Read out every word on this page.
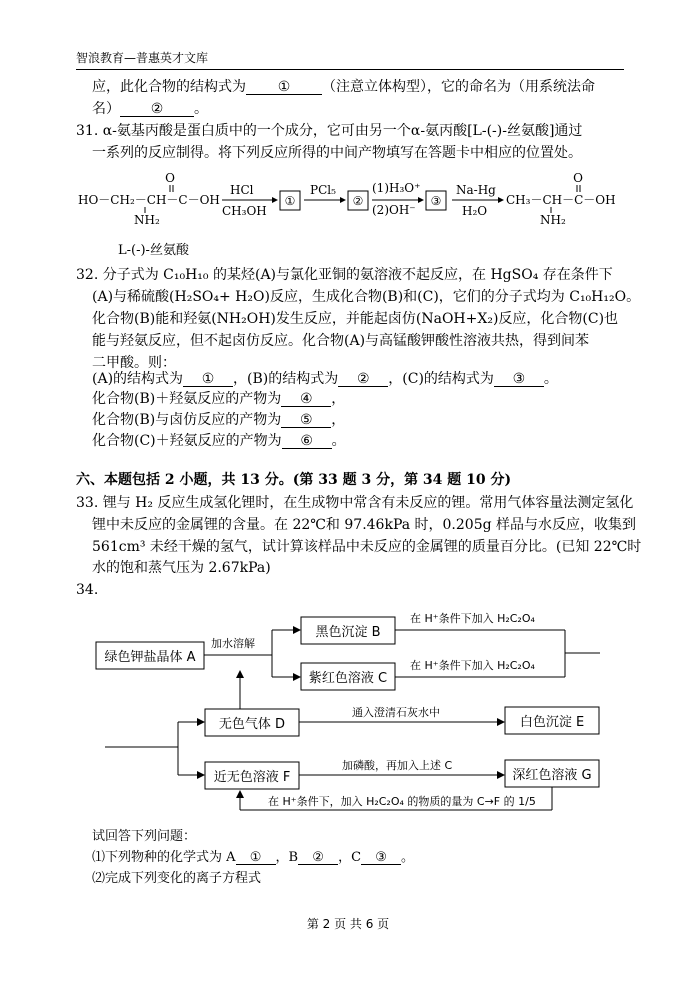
智浪教育—普惠英才文库
应，此化合物的结构式为 ① （注意立体构型），它的命名为（用系统法命
名） ② 。
31. α-氨基丙酸是蛋白质中的一个成分，它可由另一个α-氨丙酸[L-(-)-丝氨酸]通过
一系列的反应制得。将下列反应所得的中间产物填写在答题卡中相应的位置处。
O
HO－CH₂－CH－C－OH
NH₂
HCl
CH₃OH
①
PCl₅
②
(1)H₃O⁺
(2)OH⁻
③
Na-Hg
H₂O
O
CH₃－CH－C－OH
NH₂
L-(-)-丝氨酸
32. 分子式为 C₁₀H₁₀ 的某烃(A)与氯化亚铜的氨溶液不起反应，在 HgSO₄ 存在条件下
(A)与稀硫酸(H₂SO₄+ H₂O)反应，生成化合物(B)和(C)，它们的分子式均为 C₁₀H₁₂O。
化合物(B)能和羟氨(NH₂OH)发生反应，并能起卤仿(NaOH+X₂)反应，化合物(C)也
能与羟氨反应，但不起卤仿反应。化合物(A)与高锰酸钾酸性溶液共热，得到间苯
二甲酸。则：
(A)的结构式为 ① ，(B)的结构式为 ② ，(C)的结构式为 ③ 。
化合物(B)＋羟氨反应的产物为 ④ ，
化合物(B)与卤仿反应的产物为 ⑤ ，
化合物(C)＋羟氨反应的产物为 ⑥ 。
六、本题包括 2 小题，共 13 分。(第 33 题 3 分，第 34 题 10 分)
33. 锂与 H₂ 反应生成氢化锂时，在生成物中常含有未反应的锂。常用气体容量法测定氢化
锂中未反应的金属锂的含量。在 22℃和 97.46kPa 时，0.205g 样品与水反应，收集到
561cm³ 未经干燥的氢气，试计算该样品中未反应的金属锂的质量百分比。(已知 22℃时
水的饱和蒸气压为 2.67kPa)
34.
绿色钾盐晶体 A
黑色沉淀 B
紫红色溶液 C
无色气体 D	白色沉淀 E
近无色溶液 F	深红色溶液 G
加水溶解
在 H⁺条件下加入 H₂C₂O₄
在 H⁺条件下加入 H₂C₂O₄
通入澄清石灰水中
加磷酸，再加入上述 C
在 H⁺条件下，加入 H₂C₂O₄ 的物质的量为 C→F 的 1/5
试回答下列问题：
⑴下列物种的化学式为 A ① ，B ② ，C ③ 。
⑵完成下列变化的离子方程式
第 2 页 共 6 页
